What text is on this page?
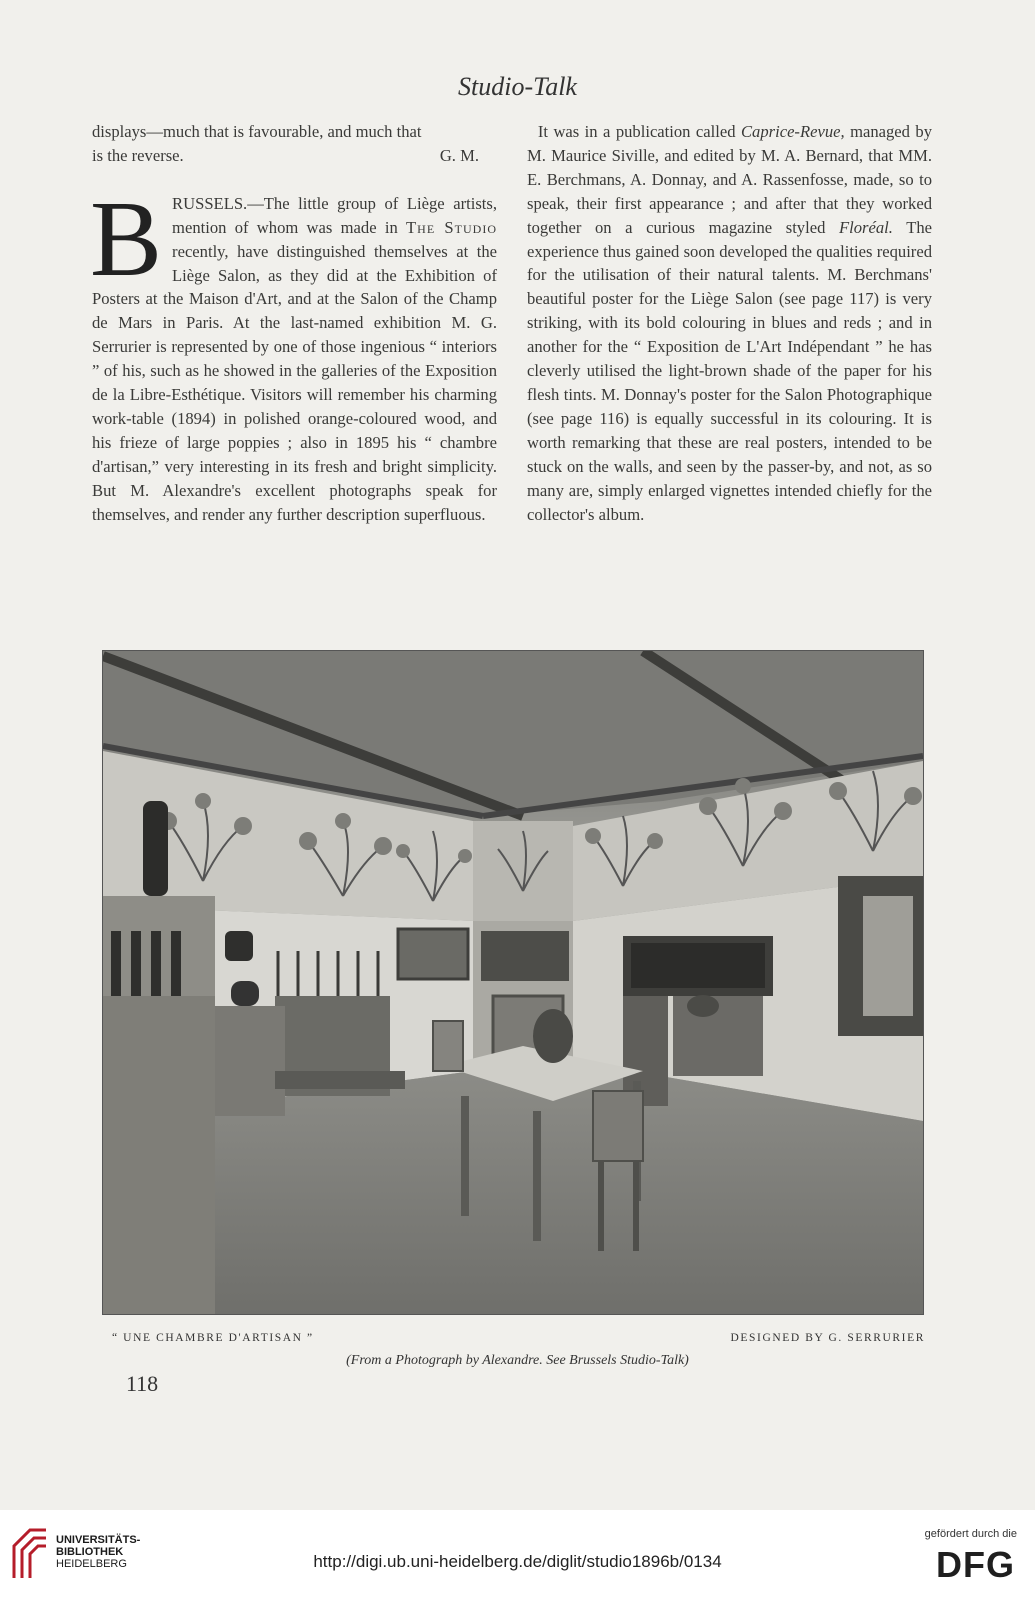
Studio-Talk

displays—much that is favourable, and much that

is the reverse.	G. M.

BRUSSELS.—The little group of Liège artists, mention of whom was made in The Studio recently, have distinguished themselves at the Liège Salon, as they did at the Exhibition of Posters at the Maison d'Art, and at the Salon of the Champ de Mars in Paris. At the last-named exhibition M. G. Serrurier is represented by one of those ingenious “ interiors ” of his, such as he showed in the galleries of the Exposition de la Libre-Esthétique. Visitors will remember his charming work-table (1894) in polished orange-coloured wood, and his frieze of large poppies ; also in 1895 his “ chambre d'artisan,” very interesting in its fresh and bright simplicity. But M. Alexandre's excellent photographs speak for themselves, and render any further description superfluous.

It was in a publication called Caprice-Revue, managed by M. Maurice Siville, and edited by M. A. Bernard, that MM. E. Berchmans, A. Donnay, and A. Rassenfosse, made, so to speak, their first appearance ; and after that they worked together on a curious magazine styled Floréal. The experience thus gained soon developed the qualities required for the utilisation of their natural talents. M. Berchmans' beautiful poster for the Liège Salon (see page 117) is very striking, with its bold colouring in blues and reds ; and in another for the “ Exposition de L'Art Indépendant ” he has cleverly utilised the light-brown shade of the paper for his flesh tints. M. Donnay's poster for the Salon Photographique (see page 116) is equally successful in its colouring. It is worth remarking that these are real posters, intended to be stuck on the walls, and seen by the passer-by, and not, as so many are, simply enlarged vignettes intended chiefly for the collector's album.

“ UNE CHAMBRE D'ARTISAN ”	DESIGNED BY G. SERRURIER
(From a Photograph by Alexandre. See Brussels Studio-Talk)
118
UNIVERSITÄTS-
BIBLIOTHEK
HEIDELBERG	http://digi.ub.uni-heidelberg.de/diglit/studio1896b/0134
gefördert durch die
DFG
